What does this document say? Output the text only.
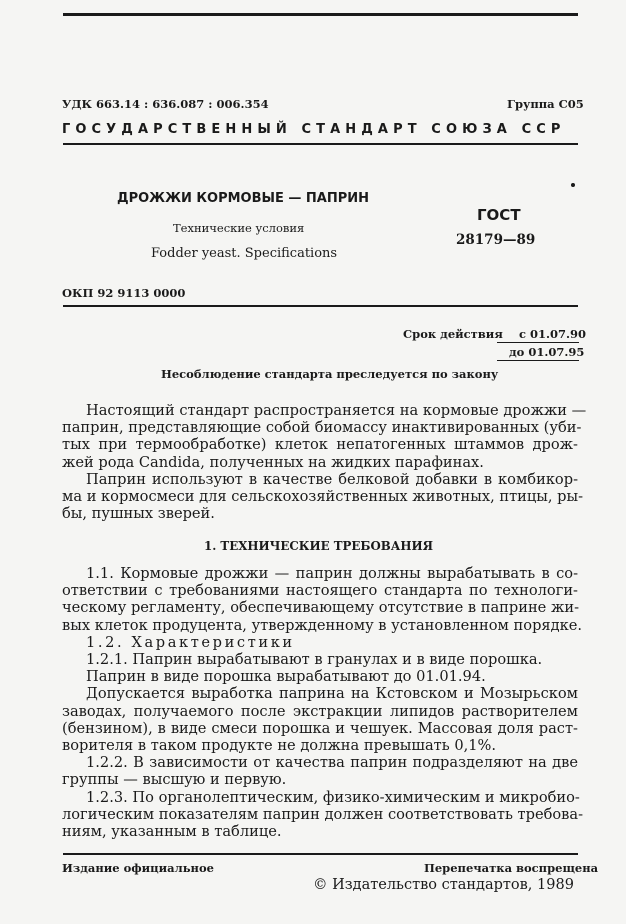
УДК 663.14 : 636.087 : 006.354	Группа С05
ГОСУДАРСТВЕННЫЙ СТАНДАРТ СОЮЗА ССР
ДРОЖЖИ КОРМОВЫЕ — ПАПРИН
Технические условия
Fodder yeast. Specifications
ГОСТ
28179—89
ОКП 92 9113 0000
Срок действия с 01.07.90
до 01.07.95
Несоблюдение стандарта преследуется по закону
Настоящий стандарт распространяется на кормовые дрожжи —
паприн, представляющие собой биомассу инактивированных (уби-
тых при термообработке) клеток непатогенных штаммов дрож-
жей рода Candida, полученных на жидких парафинах.
Паприн используют в качестве белковой добавки в комбикор-
ма и кормосмеси для сельскохозяйственных животных, птицы, ры-
бы, пушных зверей.
1. ТЕХНИЧЕСКИЕ ТРЕБОВАНИЯ
1.1. Кормовые дрожжи — паприн должны вырабатывать в со-
ответствии с требованиями настоящего стандарта по технологи-
ческому регламенту, обеспечивающему отсутствие в паприне жи-
вых клеток продуцента, утвержденному в установленном порядке.
1.2. Характеристики
1.2.1. Паприн вырабатывают в гранулах и в виде порошка.
Паприн в виде порошка вырабатывают до 01.01.94.
Допускается выработка паприна на Кстовском и Мозырьском
заводах, получаемого после экстракции липидов растворителем
(бензином), в виде смеси порошка и чешуек. Массовая доля раст-
ворителя в таком продукте не должна превышать 0,1%.
1.2.2. В зависимости от качества паприн подразделяют на две
группы — высшую и первую.
1.2.3. По органолептическим, физико-химическим и микробио-
логическим показателям паприн должен соответствовать требова-
ниям, указанным в таблице.
Издание официальное	Перепечатка воспрещена
© Издательство стандартов, 1989
